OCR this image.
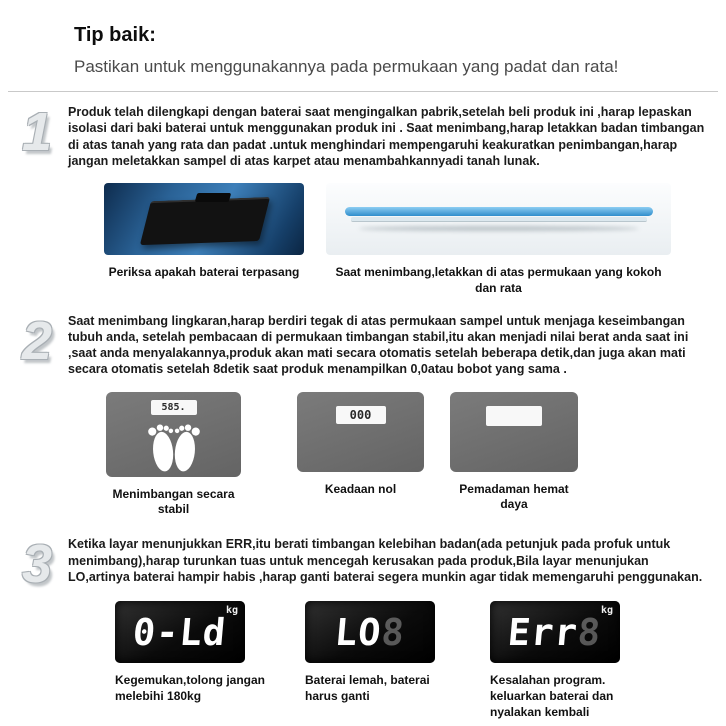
Tip baik:
Pastikan untuk menggunakannya pada permukaan yang padat dan rata!
1	Produk telah dilengkapi dengan baterai saat mengingalkan pabrik,setelah beli produk ini ,harap lepaskan isolasi dari baki baterai untuk menggunakan produk ini . Saat menimbang,harap letakkan badan timbangan di atas tanah yang rata dan padat .untuk menghindari mempengaruhi keakuratkan penimbangan,harap jangan meletakkan sampel di atas karpet atau menambahkannyadi tanah lunak.
Periksa apakah baterai terpasang	Saat menimbang,letakkan di atas permukaan yang kokoh dan rata
2	Saat menimbang lingkaran,harap berdiri tegak di atas permukaan sampel untuk menjaga keseimbangan tubuh anda, setelah pembacaan di permukaan timbangan stabil,itu akan menjadi nilai berat anda saat ini ,saat anda menyalakannya,produk akan mati secara otomatis setelah beberapa detik,dan juga akan mati secara otomatis setelah 8detik saat produk menampilkan 0,0atau bobot yang sama .
585.
Menimbangan secara stabil
000
Keadaan nol	Pemadaman hemat daya
3	Ketika layar menunjukkan ERR,itu berati timbangan kelebihan badan(ada petunjuk pada profuk untuk menimbang),harap turunkan tuas untuk mencegah kerusakan pada produk,Bila layar menunjukan LO,artinya baterai hampir habis ,harap ganti baterai segera munkin agar tidak memengaruhi penggunakan.
kg
0-Ld
Kegemukan,tolong jangan melebihi 180kg
LO8
Baterai lemah, baterai harus ganti
kg
Err8
Kesalahan program. keluarkan baterai dan nyalakan kembali
